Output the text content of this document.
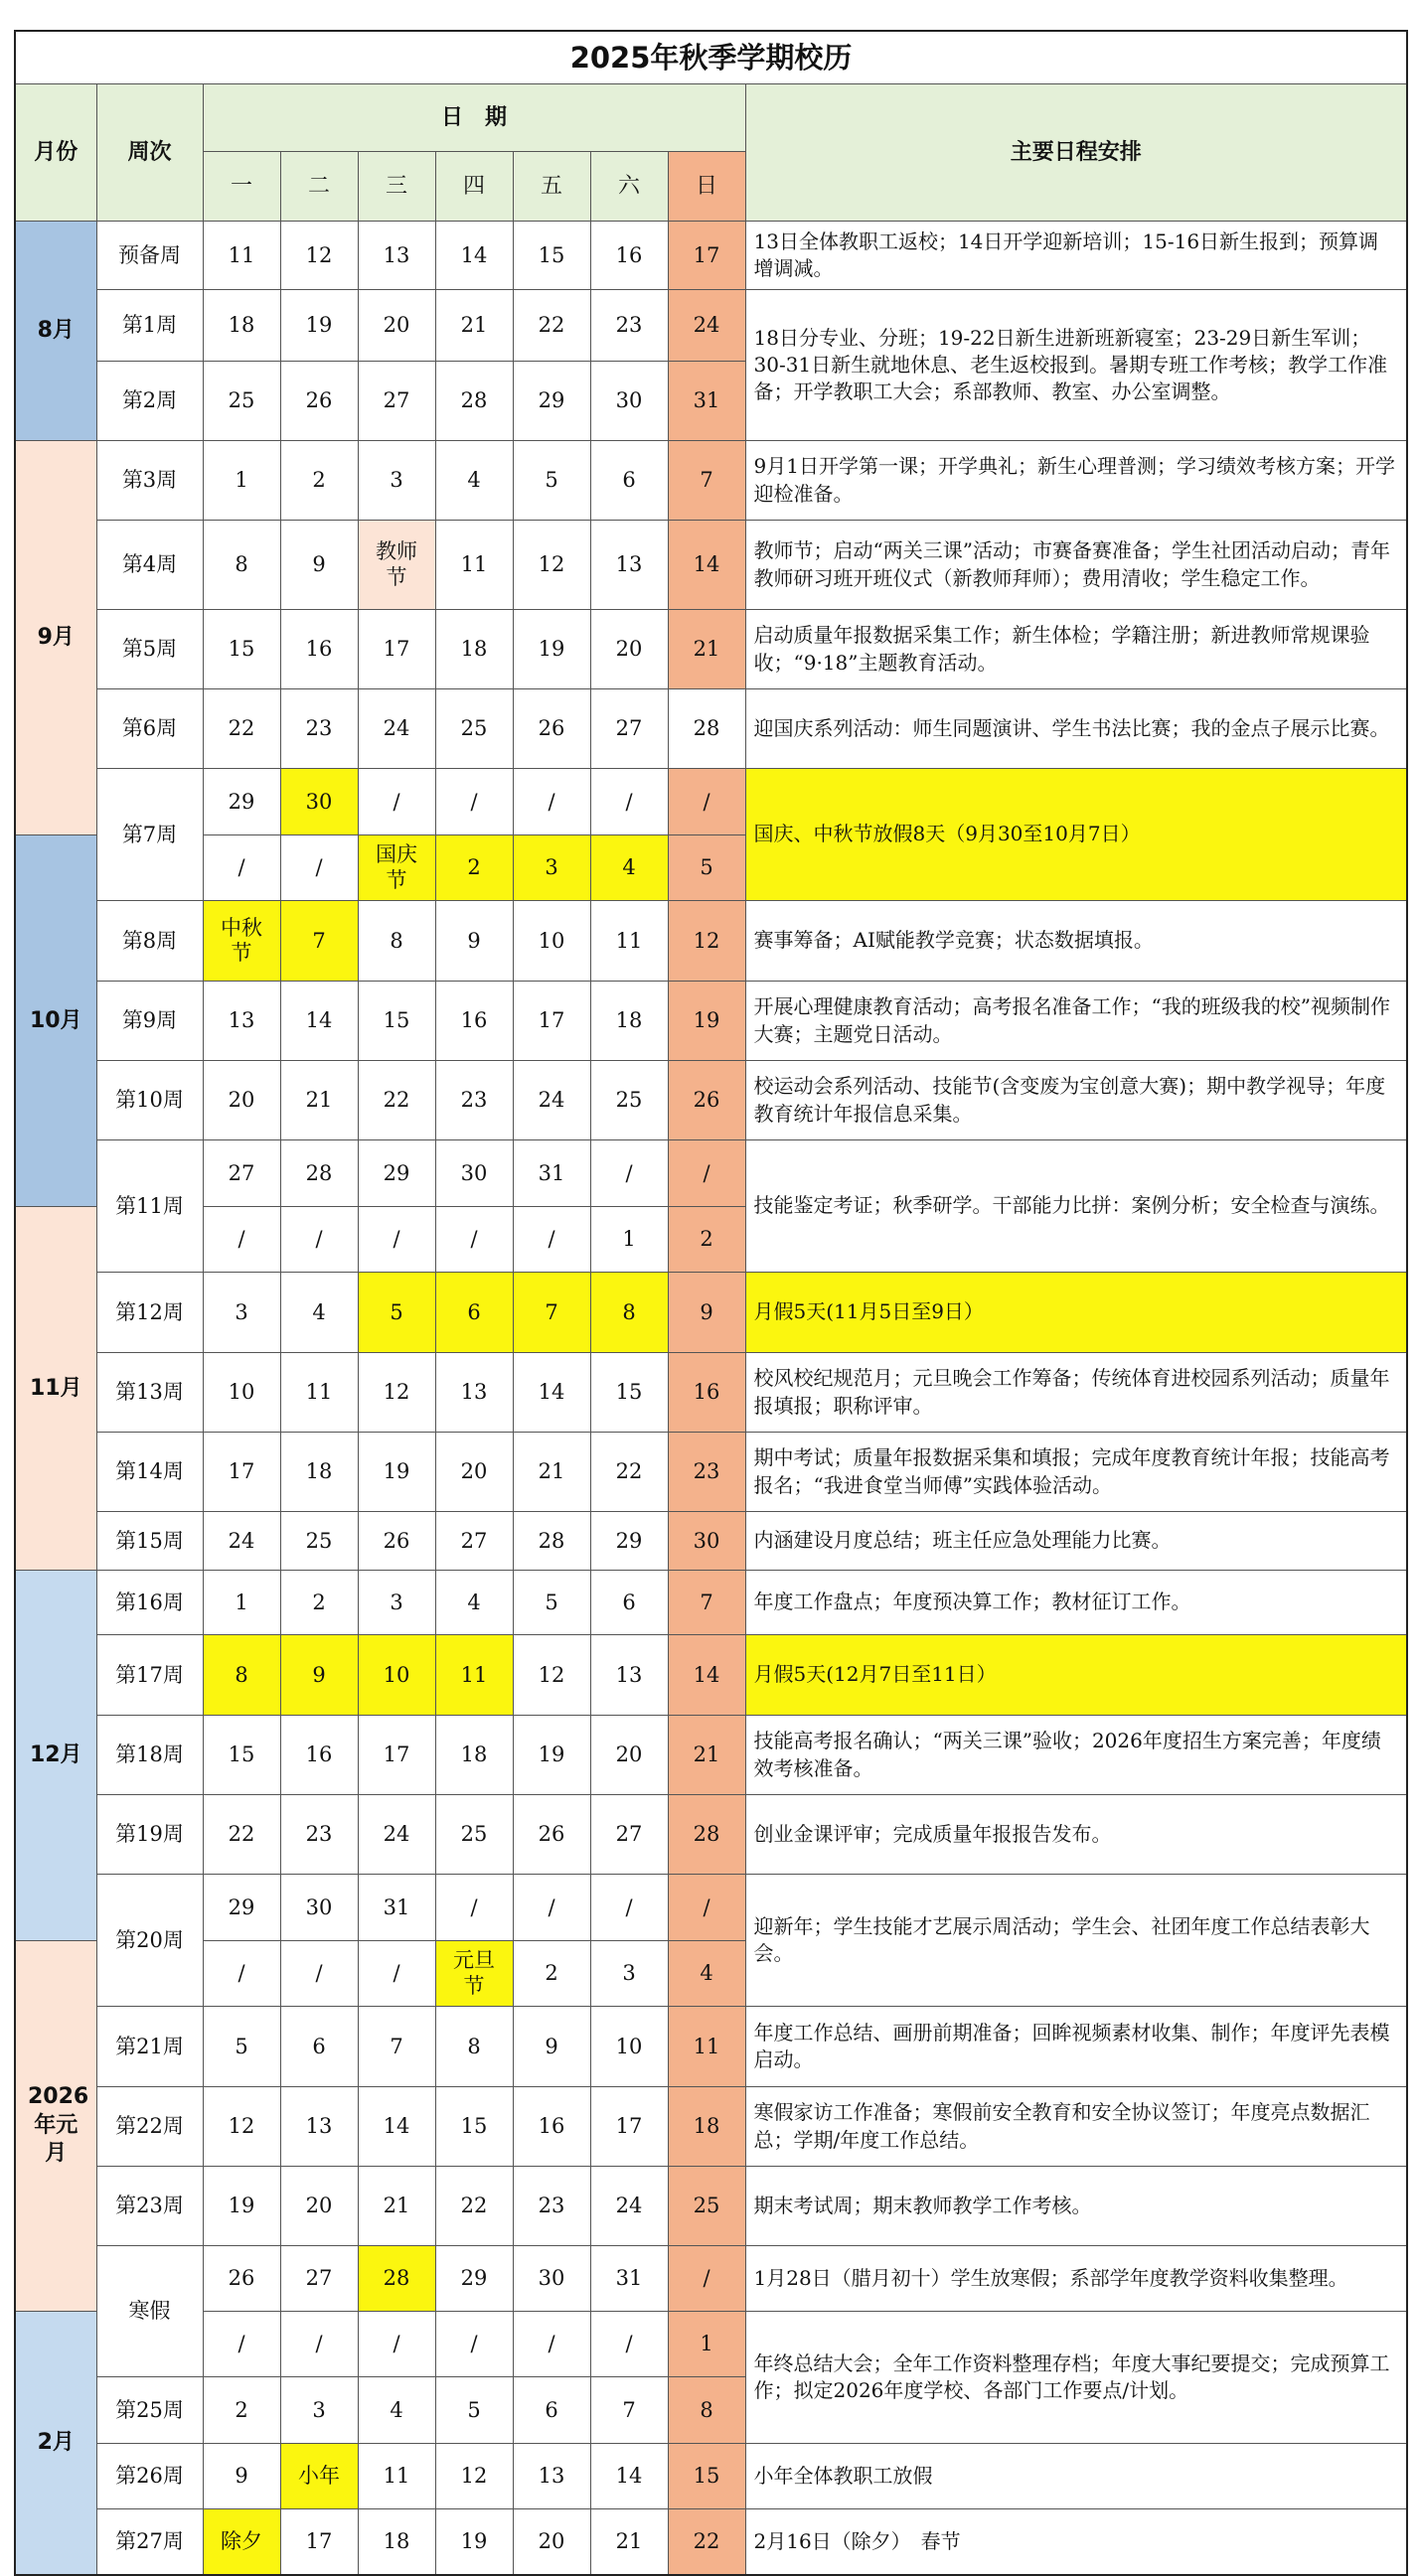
2025年秋季学期校历									
月份	周次	日　期							主要日程安排
		一	二	三	四	五	六	日	
8月	预备周	11	12	13	14	15	16	17	13日全体教职工返校；14日开学迎新培训；15-16日新生报到；预算调增调减。
	第1周	18	19	20	21	22	23	24	18日分专业、分班；19-22日新生进新班新寝室；23-29日新生军训；30-31日新生就地休息、老生返校报到。暑期专班工作考核；教学工作准备；开学教职工大会；系部教师、教室、办公室调整。
	第2周	25	26	27	28	29	30	31	
9月	第3周	1	2	3	4	5	6	7	9月1日开学第一课；开学典礼；新生心理普测；学习绩效考核方案；开学迎检准备。
	第4周	8	9	教师节	11	12	13	14	教师节；启动“两关三课”活动；市赛备赛准备；学生社团活动启动；青年教师研习班开班仪式（新教师拜师）；费用清收；学生稳定工作。
	第5周	15	16	17	18	19	20	21	启动质量年报数据采集工作；新生体检；学籍注册；新进教师常规课验收；“9·18”主题教育活动。
	第6周	22	23	24	25	26	27	28	迎国庆系列活动：师生同题演讲、学生书法比赛；我的金点子展示比赛。
	第7周	29	30	/	/	/	/	/	国庆、中秋节放假8天（9月30至10月7日）
10月		/	/	国庆节	2	3	4	5	
	第8周	中秋节	7	8	9	10	11	12	赛事筹备；AI赋能教学竞赛；状态数据填报。
	第9周	13	14	15	16	17	18	19	开展心理健康教育活动；高考报名准备工作；“我的班级我的校”视频制作大赛；主题党日活动。
	第10周	20	21	22	23	24	25	26	校运动会系列活动、技能节(含变废为宝创意大赛)；期中教学视导；年度教育统计年报信息采集。
	第11周	27	28	29	30	31	/	/	技能鉴定考证；秋季研学。干部能力比拼：案例分析；安全检查与演练。
11月		/	/	/	/	/	1	2	
	第12周	3	4	5	6	7	8	9	月假5天(11月5日至9日）
	第13周	10	11	12	13	14	15	16	校风校纪规范月；元旦晚会工作筹备；传统体育进校园系列活动；质量年报填报；职称评审。
	第14周	17	18	19	20	21	22	23	期中考试；质量年报数据采集和填报；完成年度教育统计年报；技能高考报名；“我进食堂当师傅”实践体验活动。
	第15周	24	25	26	27	28	29	30	内涵建设月度总结；班主任应急处理能力比赛。
12月	第16周	1	2	3	4	5	6	7	年度工作盘点；年度预决算工作；教材征订工作。
	第17周	8	9	10	11	12	13	14	月假5天(12月7日至11日）
	第18周	15	16	17	18	19	20	21	技能高考报名确认；“两关三课”验收；2026年度招生方案完善；年度绩效考核准备。
	第19周	22	23	24	25	26	27	28	创业金课评审；完成质量年报报告发布。
	第20周	29	30	31	/	/	/	/	迎新年；学生技能才艺展示周活动；学生会、社团年度工作总结表彰大会。
2026年元月		/	/	/	元旦节	2	3	4	
	第21周	5	6	7	8	9	10	11	年度工作总结、画册前期准备；回眸视频素材收集、制作；年度评先表模启动。
	第22周	12	13	14	15	16	17	18	寒假家访工作准备；寒假前安全教育和安全协议签订；年度亮点数据汇总；学期/年度工作总结。
	第23周	19	20	21	22	23	24	25	期末考试周；期末教师教学工作考核。
	寒假	26	27	28	29	30	31	/	1月28日（腊月初十）学生放寒假；系部学年度教学资料收集整理。
2月		/	/	/	/	/	/	1	年终总结大会；全年工作资料整理存档；年度大事纪要提交；完成预算工作；拟定2026年度学校、各部门工作要点/计划。
	第25周	2	3	4	5	6	7	8	
	第26周	9	小年	11	12	13	14	15	小年全体教职工放假
	第27周	除夕	17	18	19	20	21	22	2月16日（除夕）　春节
